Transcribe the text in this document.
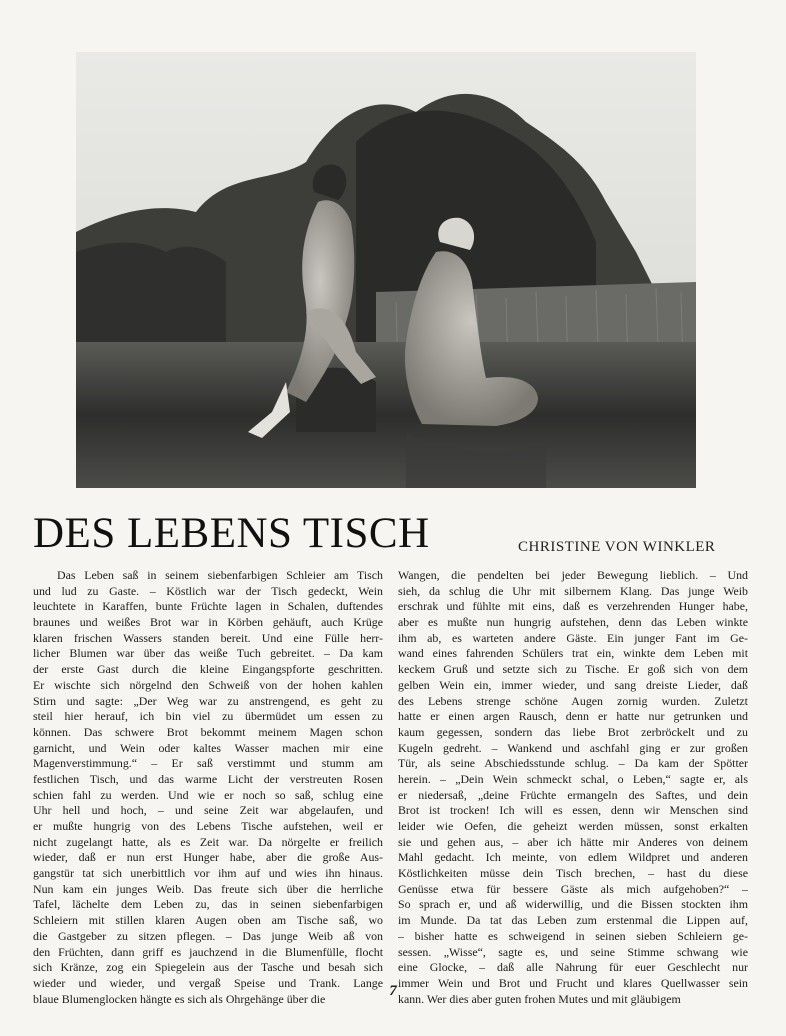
DES LEBENS TISCH	CHRISTINE VON WINKLER
Das Leben saß in seinem siebenfarbigen Schleier am Tisch
und lud zu Gaste. – Köstlich war der Tisch gedeckt, Wein
leuchtete in Karaffen, bunte Früchte lagen in Schalen, duftendes
braunes und weißes Brot war in Körben gehäuft, auch Krüge
klaren frischen Wassers standen bereit. Und eine Fülle herr-
licher Blumen war über das weiße Tuch gebreitet. – Da kam
der erste Gast durch die kleine Eingangspforte geschritten.
Er wischte sich nörgelnd den Schweiß von der hohen kahlen
Stirn und sagte: „Der Weg war zu anstrengend, es geht zu
steil hier herauf, ich bin viel zu übermüdet um essen zu
können. Das schwere Brot bekommt meinem Magen schon
garnicht, und Wein oder kaltes Wasser machen mir eine
Magenverstimmung.“ – Er saß verstimmt und stumm am
festlichen Tisch, und das warme Licht der verstreuten Rosen
schien fahl zu werden. Und wie er noch so saß, schlug eine
Uhr hell und hoch, – und seine Zeit war abgelaufen, und
er mußte hungrig von des Lebens Tische aufstehen, weil er
nicht zugelangt hatte, als es Zeit war. Da nörgelte er freilich
wieder, daß er nun erst Hunger habe, aber die große Aus-
gangstür tat sich unerbittlich vor ihm auf und wies ihn hinaus.
Nun kam ein junges Weib. Das freute sich über die herrliche
Tafel, lächelte dem Leben zu, das in seinen siebenfarbigen
Schleiern mit stillen klaren Augen oben am Tische saß, wo
die Gastgeber zu sitzen pflegen. – Das junge Weib aß von
den Früchten, dann griff es jauchzend in die Blumenfülle, flocht
sich Kränze, zog ein Spiegelein aus der Tasche und besah sich
wieder und wieder, und vergaß Speise und Trank. Lange
blaue Blumenglocken hängte es sich als Ohrgehänge über die
Wangen, die pendelten bei jeder Bewegung lieblich. – Und
sieh, da schlug die Uhr mit silbernem Klang. Das junge Weib
erschrak und fühlte mit eins, daß es verzehrenden Hunger habe,
aber es mußte nun hungrig aufstehen, denn das Leben winkte
ihm ab, es warteten andere Gäste. Ein junger Fant im Ge-
wand eines fahrenden Schülers trat ein, winkte dem Leben mit
keckem Gruß und setzte sich zu Tische. Er goß sich von dem
gelben Wein ein, immer wieder, und sang dreiste Lieder, daß
des Lebens strenge schöne Augen zornig wurden. Zuletzt
hatte er einen argen Rausch, denn er hatte nur getrunken und
kaum gegessen, sondern das liebe Brot zerbröckelt und zu
Kugeln gedreht. – Wankend und aschfahl ging er zur großen
Tür, als seine Abschiedsstunde schlug. – Da kam der Spötter
herein. – „Dein Wein schmeckt schal, o Leben,“ sagte er, als
er niedersaß, „deine Früchte ermangeln des Saftes, und dein
Brot ist trocken! Ich will es essen, denn wir Menschen sind
leider wie Oefen, die geheizt werden müssen, sonst erkalten
sie und gehen aus, – aber ich hätte mir Anderes von deinem
Mahl gedacht. Ich meinte, von edlem Wildpret und anderen
Köstlichkeiten müsse dein Tisch brechen, – hast du diese
Genüsse etwa für bessere Gäste als mich aufgehoben?“ –
So sprach er, und aß widerwillig, und die Bissen stockten ihm
im Munde. Da tat das Leben zum erstenmal die Lippen auf,
– bisher hatte es schweigend in seinen sieben Schleiern ge-
sessen. „Wisse“, sagte es, und seine Stimme schwang wie
eine Glocke, – daß alle Nahrung für euer Geschlecht nur
immer Wein und Brot und Frucht und klares Quellwasser sein
kann. Wer dies aber guten frohen Mutes und mit gläubigem
7
